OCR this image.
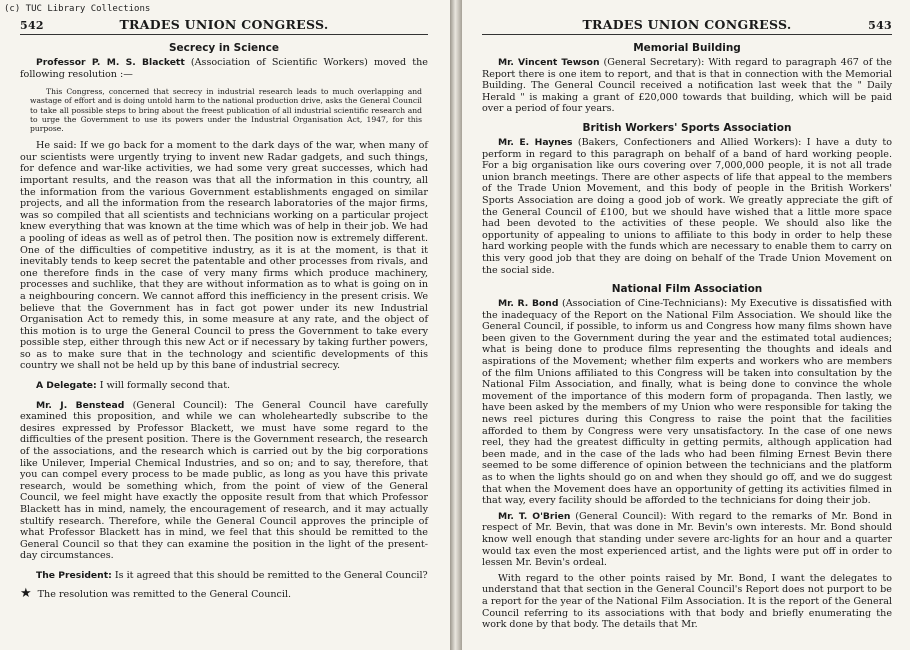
542	TRADES UNION CONGRESS.
Secrecy in Science

Professor P. M. S. Blackett (Association of Scientific Workers) moved the following resolution :—

This Congress, concerned that secrecy in industrial research leads to much overlapping and wastage of effort and is doing untold harm to the national production drive, asks the General Council to take all possible steps to bring about the freest publication of all industrial scientific research and to urge the Government to use its powers under the Industrial Organisation Act, 1947, for this purpose.

He said: If we go back for a moment to the dark days of the war, when many of our scientists were urgently trying to invent new Radar gadgets, and such things, for defence and war-like activities, we had some very great successes, which had important results, and the reason was that all the information in this country, all the information from the various Government establishments engaged on similar projects, and all the information from the research laboratories of the major firms, was so compiled that all scientists and technicians working on a particular project knew everything that was known at the time which was of help in their job. We had a pooling of ideas as well as of petrol then. The position now is extremely different. One of the difficulties of competitive industry, as it is at the moment, is that it inevitably tends to keep secret the patentable and other processes from rivals, and one therefore finds in the case of very many firms which produce machinery, processes and suchlike, that they are without information as to what is going on in a neighbouring concern. We cannot afford this inefficiency in the present crisis. We believe that the Government has in fact got power under its new Industrial Organisation Act to remedy this, in some measure at any rate, and the object of this motion is to urge the General Council to press the Government to take every possible step, either through this new Act or if necessary by taking further powers, so as to make sure that in the technology and scientific developments of this country we shall not be held up by this bane of industrial secrecy.

A Delegate: I will formally second that.

Mr. J. Benstead (General Council): The General Council have carefully examined this proposition, and while we can wholeheartedly subscribe to the desires expressed by Professor Blackett, we must have some regard to the difficulties of the present position. There is the Government research, the research of the associations, and the research which is carried out by the big corporations like Unilever, Imperial Chemical Industries, and so on; and to say, therefore, that you can compel every process to be made public, as long as you have this private research, would be something which, from the point of view of the General Council, we feel might have exactly the opposite result from that which Professor Blackett has in mind, namely, the encouragement of research, and it may actually stultify research. Therefore, while the General Council approves the principle of what Professor Blackett has in mind, we feel that this should be remitted to the General Council so that they can examine the position in the light of the present-day circumstances.

The President: Is it agreed that this should be remitted to the General Council?

★ The resolution was remitted to the General Council.

TRADES UNION CONGRESS.	543
Memorial Building

Mr. Vincent Tewson (General Secretary): With regard to paragraph 467 of the Report there is one item to report, and that is that in connection with the Memorial Building. The General Council received a notification last week that the " Daily Herald " is making a grant of £20,000 towards that building, which will be paid over a period of four years.

British Workers' Sports Association

Mr. E. Haynes (Bakers, Confectioners and Allied Workers): I have a duty to perform in regard to this paragraph on behalf of a band of hard working people. For a big organisation like ours covering over 7,000,000 people, it is not all trade union branch meetings. There are other aspects of life that appeal to the members of the Trade Union Movement, and this body of people in the British Workers' Sports Association are doing a good job of work. We greatly appreciate the gift of the General Council of £100, but we should have wished that a little more space had been devoted to the activities of these people. We should also like the opportunity of appealing to unions to affiliate to this body in order to help these hard working people with the funds which are necessary to enable them to carry on this very good job that they are doing on behalf of the Trade Union Movement on the social side.

National Film Association

Mr. R. Bond (Association of Cine-Technicians): My Executive is dissatisfied with the inadequacy of the Report on the National Film Association. We should like the General Council, if possible, to inform us and Congress how many films shown have been given to the Government during the year and the estimated total audiences; what is being done to produce films representing the thoughts and ideals and aspirations of the Movement; whether film experts and workers who are members of the film Unions affiliated to this Congress will be taken into consultation by the National Film Association, and finally, what is being done to convince the whole movement of the importance of this modern form of propaganda. Then lastly, we have been asked by the members of my Union who were responsible for taking the news reel pictures during this Congress to raise the point that the facilities afforded to them by Congress were very unsatisfactory. In the case of one news reel, they had the greatest difficulty in getting permits, although application had been made, and in the case of the lads who had been filming Ernest Bevin there seemed to be some difference of opinion between the technicians and the platform as to when the lights should go on and when they should go off, and we do suggest that when the Movement does have an opportunity of getting its activities filmed in that way, every facility should be afforded to the technicians for doing their job.

Mr. T. O'Brien (General Council): With regard to the remarks of Mr. Bond in respect of Mr. Bevin, that was done in Mr. Bevin's own interests. Mr. Bond should know well enough that standing under severe arc-lights for an hour and a quarter would tax even the most experienced artist, and the lights were put off in order to lessen Mr. Bevin's ordeal.

With regard to the other points raised by Mr. Bond, I want the delegates to understand that that section in the General Council's Report does not purport to be a report for the year of the National Film Association. It is the report of the General Council referring to its associations with that body and briefly enumerating the work done by that body. The details that Mr.

(c) TUC Library Collections
